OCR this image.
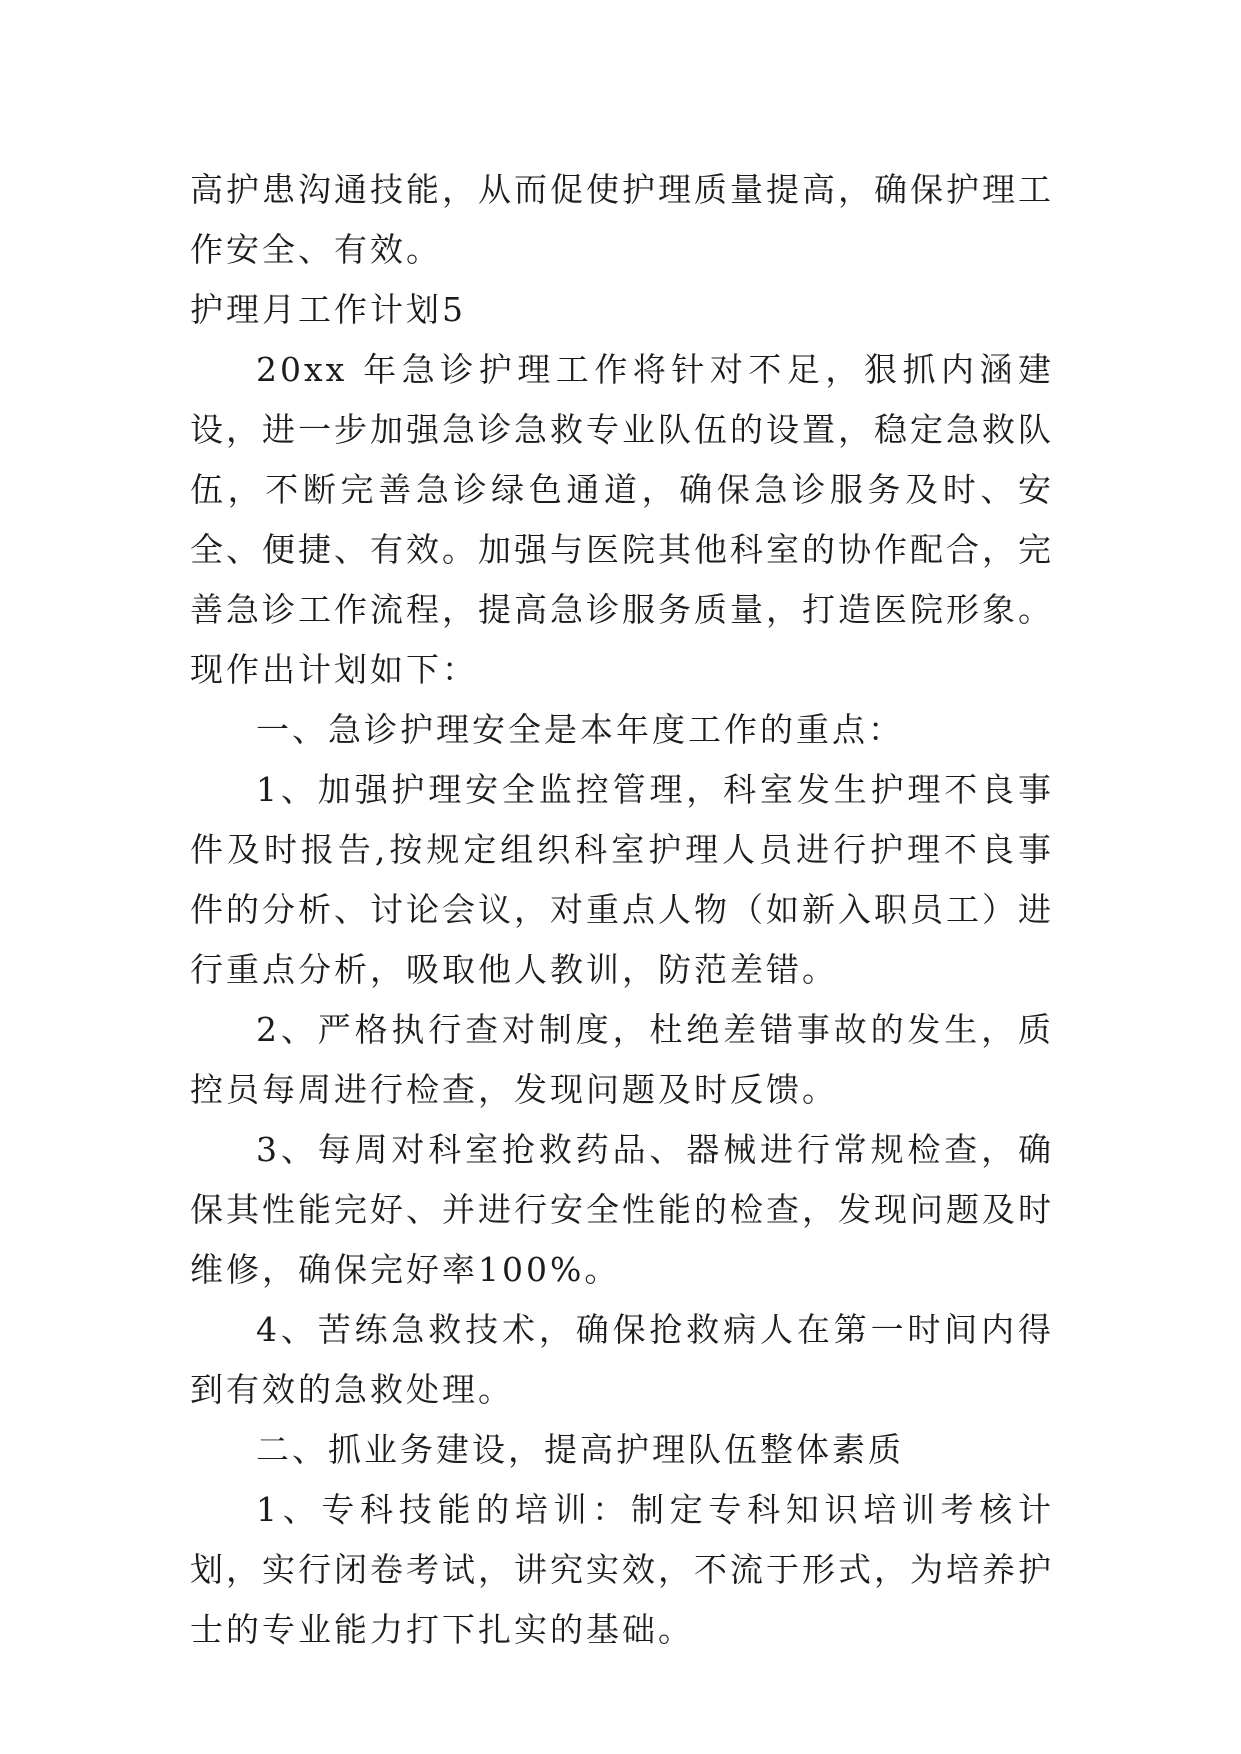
高护患沟通技能，从而促使护理质量提高，确保护理工作安全、有效。

护理月工作计划5

20xx 年急诊护理工作将针对不足，狠抓内涵建设，进一步加强急诊急救专业队伍的设置，稳定急救队伍，不断完善急诊绿色通道，确保急诊服务及时、安全、便捷、有效。加强与医院其他科室的协作配合，完善急诊工作流程，提高急诊服务质量，打造医院形象。现作出计划如下：

一、急诊护理安全是本年度工作的重点：

1、加强护理安全监控管理，科室发生护理不良事件及时报告,按规定组织科室护理人员进行护理不良事件的分析、讨论会议，对重点人物（如新入职员工）进行重点分析，吸取他人教训，防范差错。

2、严格执行查对制度，杜绝差错事故的发生，质控员每周进行检查，发现问题及时反馈。

3、每周对科室抢救药品、器械进行常规检查，确保其性能完好、并进行安全性能的检查，发现问题及时维修，确保完好率100%。

4、苦练急救技术，确保抢救病人在第一时间内得到有效的急救处理。

二、抓业务建设，提高护理队伍整体素质

1、专科技能的培训：制定专科知识培训考核计划，实行闭卷考试，讲究实效，不流于形式，为培养护士的专业能力打下扎实的基础。
